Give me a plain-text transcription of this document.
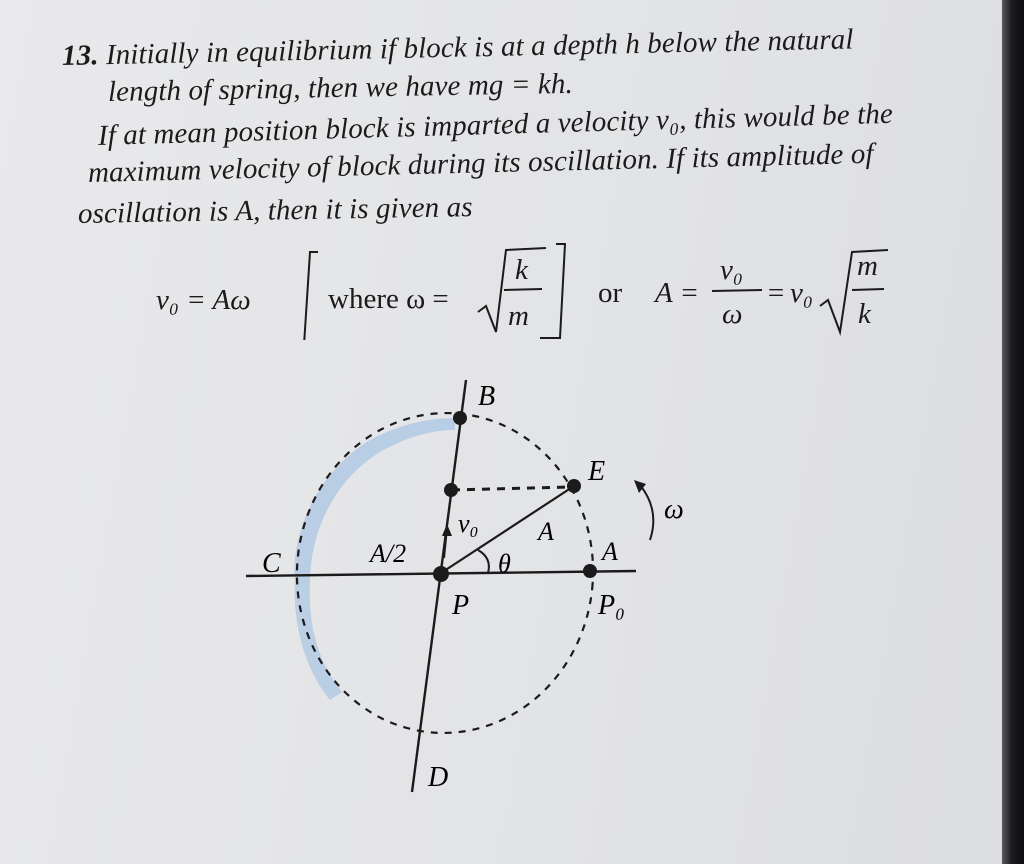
13. Initially in equilibrium if block is at a depth h below the natural
length of spring, then we have mg = kh.
If at mean position block is imparted a velocity v₀, this would be the
maximum velocity of block during its oscillation. If its amplitude of
oscillation is A, then it is given as
v₀ = Aω	where ω =
k
m
or A =
v₀
ω
= v₀
m
k
B
E
ω
v₀ A
A
C	A/2	θ
P	P₀
D
